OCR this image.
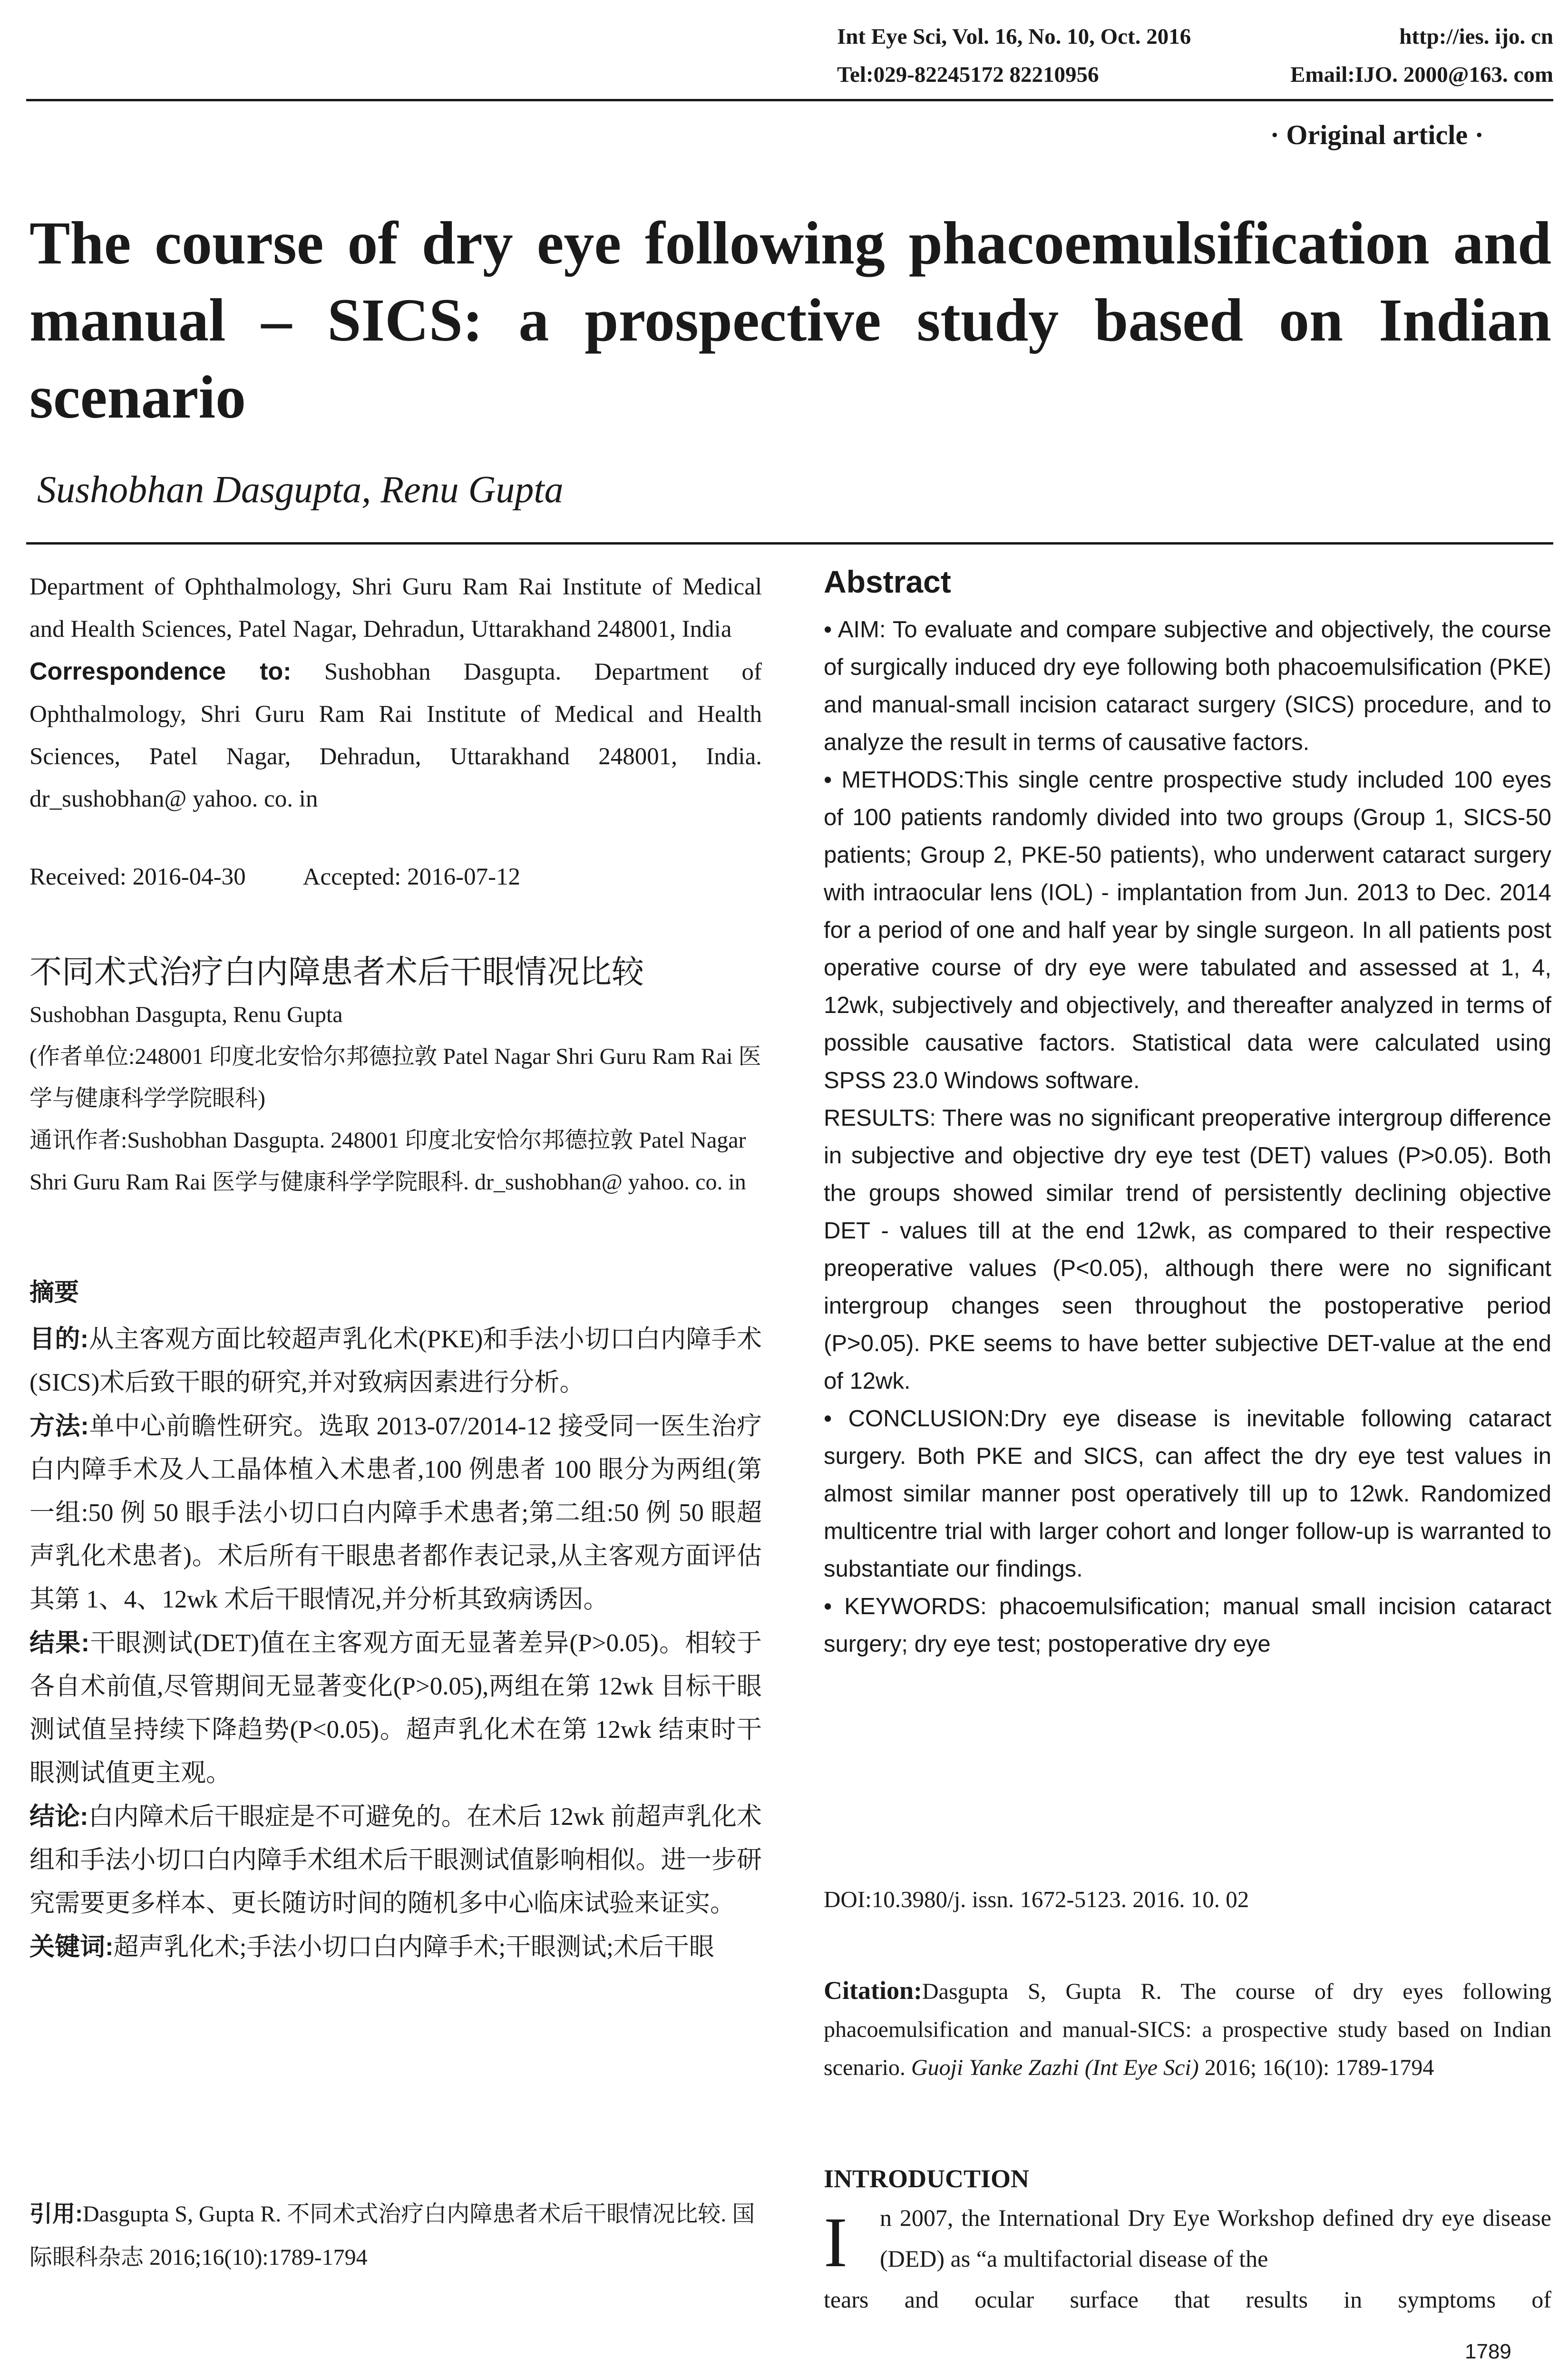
Int Eye Sci, Vol. 16, No. 10, Oct. 2016	http://ies. ijo. cn
Tel:029-82245172 82210956	Email:IJO. 2000@163. com
· Original article ·
The course of dry eye following phacoemulsification and manual – SICS: a prospective study based on Indian scenario
Sushobhan Dasgupta, Renu Gupta
Department of Ophthalmology, Shri Guru Ram Rai Institute of Medical and Health Sciences, Patel Nagar, Dehradun, Uttarakhand 248001, India
Correspondence to: Sushobhan Dasgupta. Department of Ophthalmology, Shri Guru Ram Rai Institute of Medical and Health Sciences, Patel Nagar, Dehradun, Uttarakhand 248001, India. dr_sushobhan@ yahoo. co. in
Received: 2016-04-30 Accepted: 2016-07-12
不同术式治疗白内障患者术后干眼情况比较
Sushobhan Dasgupta, Renu Gupta
(作者单位:248001 印度北安恰尔邦德拉敦 Patel Nagar Shri Guru Ram Rai 医学与健康科学学院眼科)
通讯作者:Sushobhan Dasgupta. 248001 印度北安恰尔邦德拉敦 Patel Nagar Shri Guru Ram Rai 医学与健康科学学院眼科. dr_sushobhan@ yahoo. co. in
摘要

目的:从主客观方面比较超声乳化术(PKE)和手法小切口白内障手术(SICS)术后致干眼的研究,并对致病因素进行分析。

方法:单中心前瞻性研究。选取 2013-07/2014-12 接受同一医生治疗白内障手术及人工晶体植入术患者,100 例患者 100 眼分为两组(第一组:50 例 50 眼手法小切口白内障手术患者;第二组:50 例 50 眼超声乳化术患者)。术后所有干眼患者都作表记录,从主客观方面评估其第 1、4、12wk 术后干眼情况,并分析其致病诱因。

结果:干眼测试(DET)值在主客观方面无显著差异(P>0.05)。相较于各自术前值,尽管期间无显著变化(P>0.05),两组在第 12wk 目标干眼测试值呈持续下降趋势(P<0.05)。超声乳化术在第 12wk 结束时干眼测试值更主观。

结论:白内障术后干眼症是不可避免的。在术后 12wk 前超声乳化术组和手法小切口白内障手术组术后干眼测试值影响相似。进一步研究需要更多样本、更长随访时间的随机多中心临床试验来证实。

关键词:超声乳化术;手法小切口白内障手术;干眼测试;术后干眼

引用:Dasgupta S, Gupta R. 不同术式治疗白内障患者术后干眼情况比较. 国际眼科杂志 2016;16(10):1789-1794
Abstract

• AIM: To evaluate and compare subjective and objectively, the course of surgically induced dry eye following both phacoemulsification (PKE) and manual-small incision cataract surgery (SICS) procedure, and to analyze the result in terms of causative factors.

• METHODS:This single centre prospective study included 100 eyes of 100 patients randomly divided into two groups (Group 1, SICS-50 patients; Group 2, PKE-50 patients), who underwent cataract surgery with intraocular lens (IOL) - implantation from Jun. 2013 to Dec. 2014 for a period of one and half year by single surgeon. In all patients post operative course of dry eye were tabulated and assessed at 1, 4, 12wk, subjectively and objectively, and thereafter analyzed in terms of possible causative factors. Statistical data were calculated using SPSS 23.0 Windows software.

RESULTS: There was no significant preoperative intergroup difference in subjective and objective dry eye test (DET) values (P>0.05). Both the groups showed similar trend of persistently declining objective DET - values till at the end 12wk, as compared to their respective preoperative values (P<0.05), although there were no significant intergroup changes seen throughout the postoperative period (P>0.05). PKE seems to have better subjective DET-value at the end of 12wk.

• CONCLUSION:Dry eye disease is inevitable following cataract surgery. Both PKE and SICS, can affect the dry eye test values in almost similar manner post operatively till up to 12wk. Randomized multicentre trial with larger cohort and longer follow-up is warranted to substantiate our findings.

• KEYWORDS: phacoemulsification; manual small incision cataract surgery; dry eye test; postoperative dry eye

DOI:10.3980/j. issn. 1672-5123. 2016. 10. 02
Citation:Dasgupta S, Gupta R. The course of dry eyes following phacoemulsification and manual-SICS: a prospective study based on Indian scenario. Guoji Yanke Zazhi (Int Eye Sci) 2016; 16(10): 1789-1794
INTRODUCTION
I n 2007, the International Dry Eye Workshop defined dry eye disease (DED) as “a multifactorial disease of the
tears and ocular surface that results in symptoms of
1789
